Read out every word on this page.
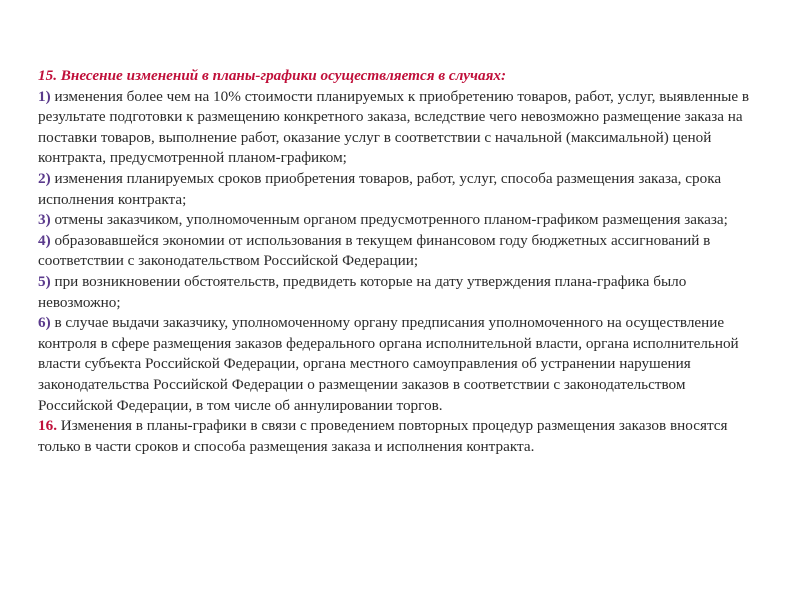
15. Внесение изменений в планы-графики осуществляется в случаях:

1) изменения более чем на 10% стоимости планируемых к приобретению товаров, работ, услуг, выявленные в результате подготовки к размещению конкретного заказа, вследствие чего невозможно размещение заказа на поставки товаров, выполнение работ, оказание услуг в соответствии с начальной (максимальной) ценой контракта, предусмотренной планом-графиком;

2) изменения планируемых сроков приобретения товаров, работ, услуг, способа размещения заказа, срока исполнения контракта;

3) отмены заказчиком, уполномоченным органом предусмотренного планом-графиком размещения заказа;

4) образовавшейся экономии от использования в текущем финансовом году бюджетных ассигнований в соответствии с законодательством Российской Федерации;

5) при возникновении обстоятельств, предвидеть которые на дату утверждения плана-графика было невозможно;

6) в случае выдачи заказчику, уполномоченному органу предписания уполномоченного на осуществление контроля в сфере размещения заказов федерального органа исполнительной власти, органа исполнительной власти субъекта Российской Федерации, органа местного самоуправления об устранении нарушения законодательства Российской Федерации о размещении заказов в соответствии с законодательством Российской Федерации, в том числе об аннулировании торгов.

16. Изменения в планы-графики в связи с проведением повторных процедур размещения заказов вносятся только в части сроков и способа размещения заказа и исполнения контракта.
